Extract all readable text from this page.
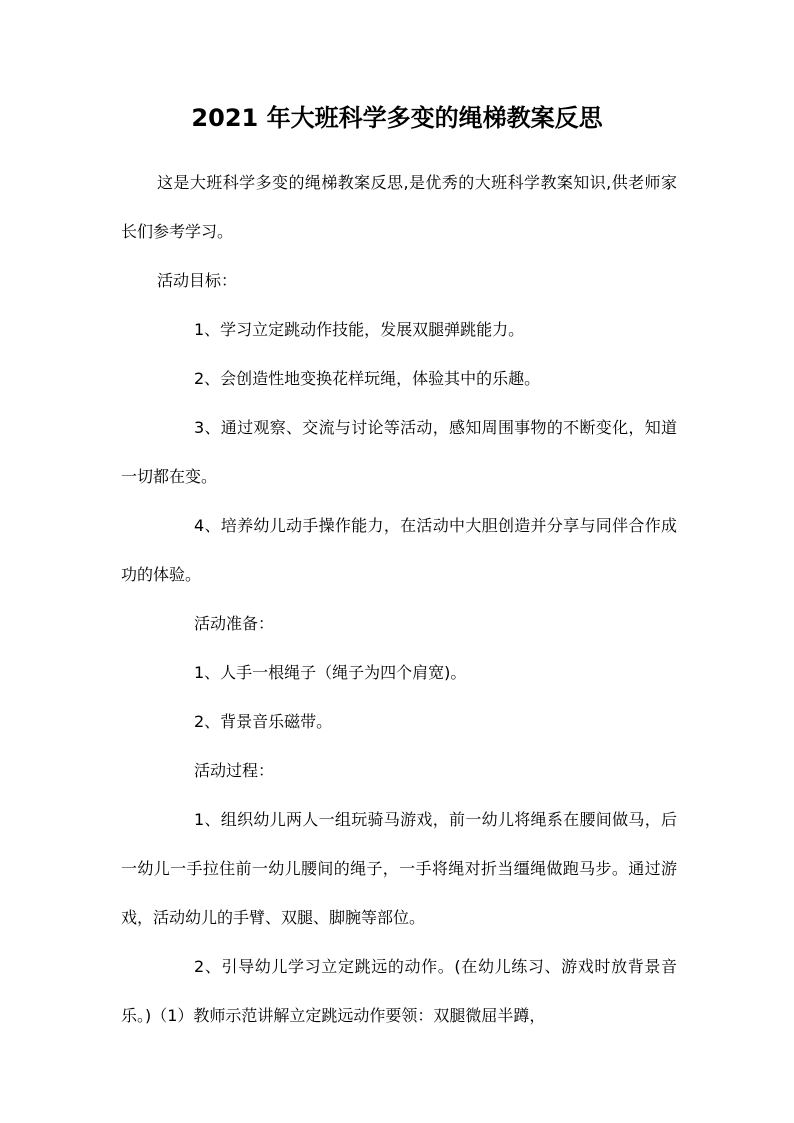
2021 年大班科学多变的绳梯教案反思
这是大班科学多变的绳梯教案反思,是优秀的大班科学教案知识,供老师家长们参考学习。
活动目标：
1、学习立定跳动作技能，发展双腿弹跳能力。
2、会创造性地变换花样玩绳，体验其中的乐趣。
3、通过观察、交流与讨论等活动，感知周围事物的不断变化，知道一切都在变。
4、培养幼儿动手操作能力，在活动中大胆创造并分享与同伴合作成功的体验。
活动准备：
1、人手一根绳子（绳子为四个肩宽)。
2、背景音乐磁带。
活动过程：
1、组织幼儿两人一组玩骑马游戏，前一幼儿将绳系在腰间做马，后一幼儿一手拉住前一幼儿腰间的绳子，一手将绳对折当缰绳做跑马步。通过游戏，活动幼儿的手臂、双腿、脚腕等部位。
2、引导幼儿学习立定跳远的动作。(在幼儿练习、游戏时放背景音乐。)（1）教师示范讲解立定跳远动作要领：双腿微屈半蹲，
